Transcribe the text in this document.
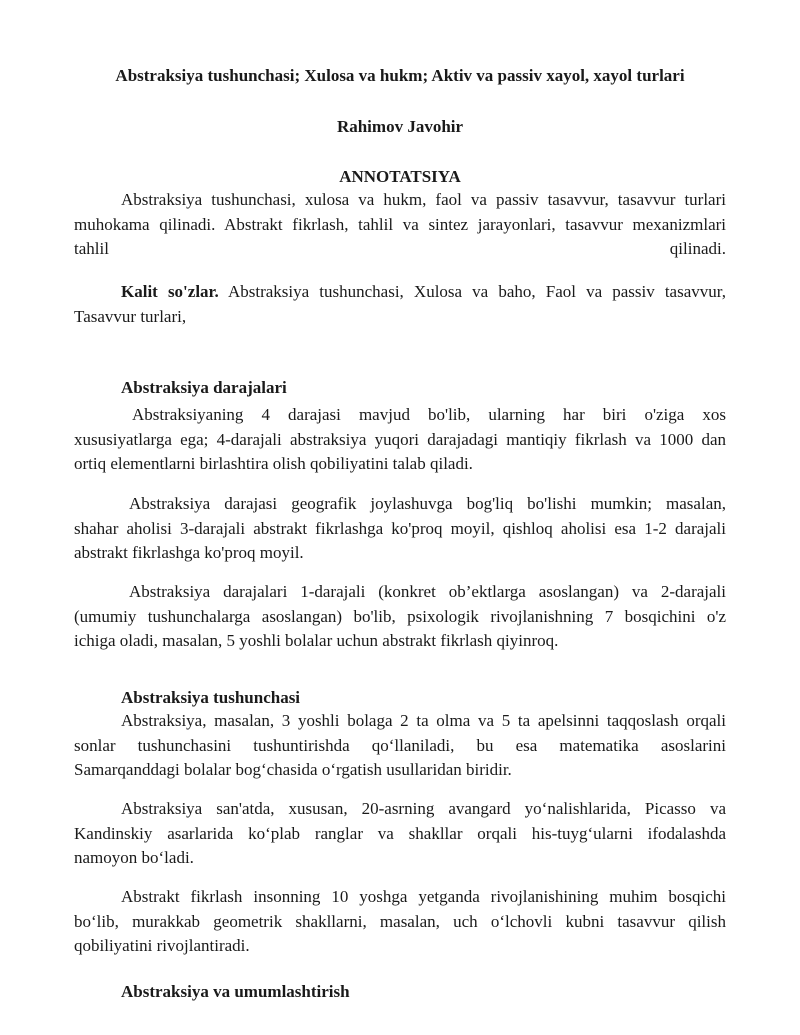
Abstraksiya tushunchasi; Xulosa va hukm; Aktiv va passiv xayol, xayol turlari
Rahimov Javohir
ANNOTATSIYA
Abstraksiya tushunchasi, xulosa va hukm, faol va passiv tasavvur, tasavvur turlari
muhokama qilinadi. Abstrakt fikrlash, tahlil va sintez jarayonlari, tasavvur mexanizmlari
tahlil	qilinadi.
Kalit so'zlar. Abstraksiya tushunchasi, Xulosa va baho, Faol va passiv tasavvur,
Tasavvur turlari,
Abstraksiya darajalari
Abstraksiyaning 4 darajasi mavjud bo'lib, ularning har biri o'ziga xos
xususiyatlarga ega; 4-darajali abstraksiya yuqori darajadagi mantiqiy fikrlash va 1000 dan
ortiq elementlarni birlashtira olish qobiliyatini talab qiladi.
Abstraksiya darajasi geografik joylashuvga bog'liq bo'lishi mumkin; masalan,
shahar aholisi 3-darajali abstrakt fikrlashga ko'proq moyil, qishloq aholisi esa 1-2 darajali
abstrakt fikrlashga ko'proq moyil.
Abstraksiya darajalari 1-darajali (konkret ob’ektlarga asoslangan) va 2-darajali
(umumiy tushunchalarga asoslangan) bo'lib, psixologik rivojlanishning 7 bosqichini o'z
ichiga oladi, masalan, 5 yoshli bolalar uchun abstrakt fikrlash qiyinroq.
Abstraksiya tushunchasi
Abstraksiya, masalan, 3 yoshli bolaga 2 ta olma va 5 ta apelsinni taqqoslash orqali
sonlar tushunchasini tushuntirishda qo‘llaniladi, bu esa matematika asoslarini
Samarqanddagi bolalar bog‘chasida o‘rgatish usullaridan biridir.
Abstraksiya san'atda, xususan, 20-asrning avangard yo‘nalishlarida, Picasso va
Kandinskiy asarlarida ko‘plab ranglar va shakllar orqali his-tuyg‘ularni ifodalashda
namoyon bo‘ladi.
Abstrakt fikrlash insonning 10 yoshga yetganda rivojlanishining muhim bosqichi
bo‘lib, murakkab geometrik shakllarni, masalan, uch o‘lchovli kubni tasavvur qilish
qobiliyatini rivojlantiradi.
Abstraksiya va umumlashtirish
